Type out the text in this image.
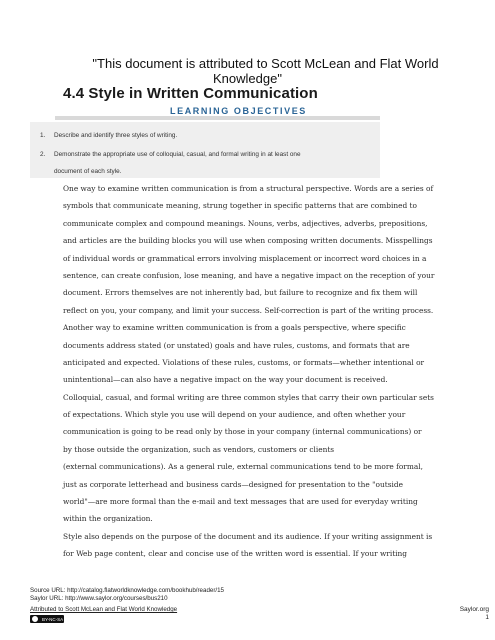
"This document is attributed to Scott McLean and Flat World
Knowledge"
4.4 Style in Written Communication
LEARNING OBJECTIVES
1. Describe and identify three styles of writing.
2. Demonstrate the appropriate use of colloquial, casual, and formal writing in at least one
document of each style.
One way to examine written communication is from a structural perspective. Words are a series of
symbols that communicate meaning, strung together in specific patterns that are combined to
communicate complex and compound meanings. Nouns, verbs, adjectives, adverbs, prepositions,
and articles are the building blocks you will use when composing written documents. Misspellings
of individual words or grammatical errors involving misplacement or incorrect word choices in a
sentence, can create confusion, lose meaning, and have a negative impact on the reception of your
document. Errors themselves are not inherently bad, but failure to recognize and fix them will
reflect on you, your company, and limit your success. Self-correction is part of the writing process.
Another way to examine written communication is from a goals perspective, where specific
documents address stated (or unstated) goals and have rules, customs, and formats that are
anticipated and expected. Violations of these rules, customs, or formats—whether intentional or
unintentional—can also have a negative impact on the way your document is received.
Colloquial, casual, and formal writing are three common styles that carry their own particular sets
of expectations. Which style you use will depend on your audience, and often whether your
communication is going to be read only by those in your company (internal communications) or
by those outside the organization, such as vendors, customers or clients
(external communications). As a general rule, external communications tend to be more formal,
just as corporate letterhead and business cards—designed for presentation to the "outside
world"—are more formal than the e-mail and text messages that are used for everyday writing
within the organization.
Style also depends on the purpose of the document and its audience. If your writing assignment is
for Web page content, clear and concise use of the written word is essential. If your writing
Source URL: http://catalog.flatworldknowledge.com/bookhub/reader/15
Saylor URL: http://www.saylor.org/courses/bus210
Attributed to Scott McLean and Flat World Knowledge
BY-NC-SA
Saylor.org
1
